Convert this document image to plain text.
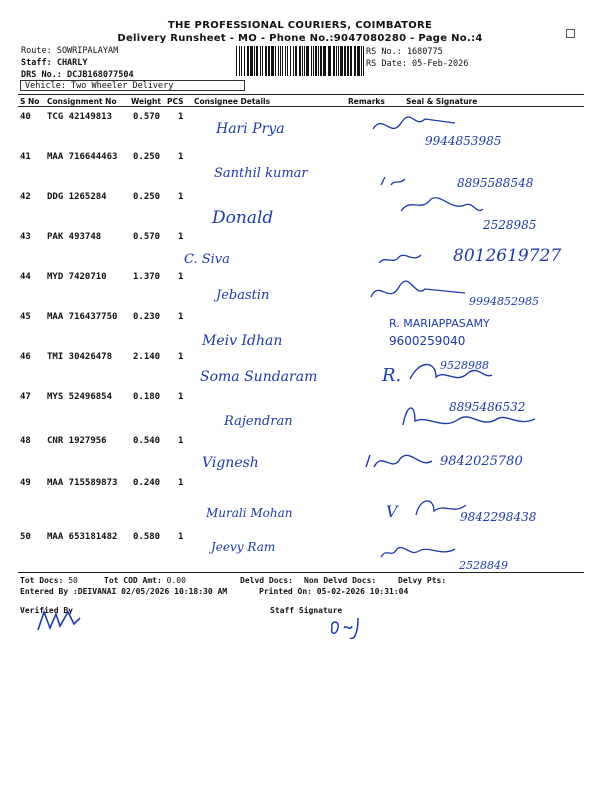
THE PROFESSIONAL COURIERS, COIMBATORE
Delivery Runsheet - MO - Phone No.:9047080280 - Page No.:4
Route: SOWRIPALAYAM
Staff: CHARLY
DRS No.: DCJB168077504
Vehicle: Two Wheeler Delivery
RS No.: 1680775
RS Date: 05-Feb-2026
S No Consignment No Weight PCS Consignee Details	Remarks	Seal & Signature
40 TCG 42149813 0.570 1
Hari Prya
9944853985
41 MAA 716644463 0.250 1
Santhil kumar
8895588548
42 DDG 1265284	0.250 1
Donald	2528985
43 PAK 493748	0.570 1
C. Siva	8012619727
44 MYD 7420710	1.370 1
Jebastin	9994852985
45 MAA 716437750 0.230 1
Meiv Idhan
R. MARIAPPASAMY
9600259040
46 TMI 30426478 2.140 1
Soma Sundaram	R.	9528988
47 MYS 52496854 0.180 1
Rajendran
8895486532
48 CNR 1927956	0.540 1
Vignesh	9842025780
49 MAA 715589873 0.240 1
Murali Mohan	V	9842298438
50 MAA 653181482 0.580 1
Jeevy Ram
2528849
Tot Docs: 50	Tot COD Amt: 0.00	Delvd Docs: Non Delvd Docs:	Delvy Pts:
Entered By :DEIVANAI 02/05/2026 10:18:30 AM	Printed On: 05-02-2026 10:31:04
Verified By	Staff Signature
